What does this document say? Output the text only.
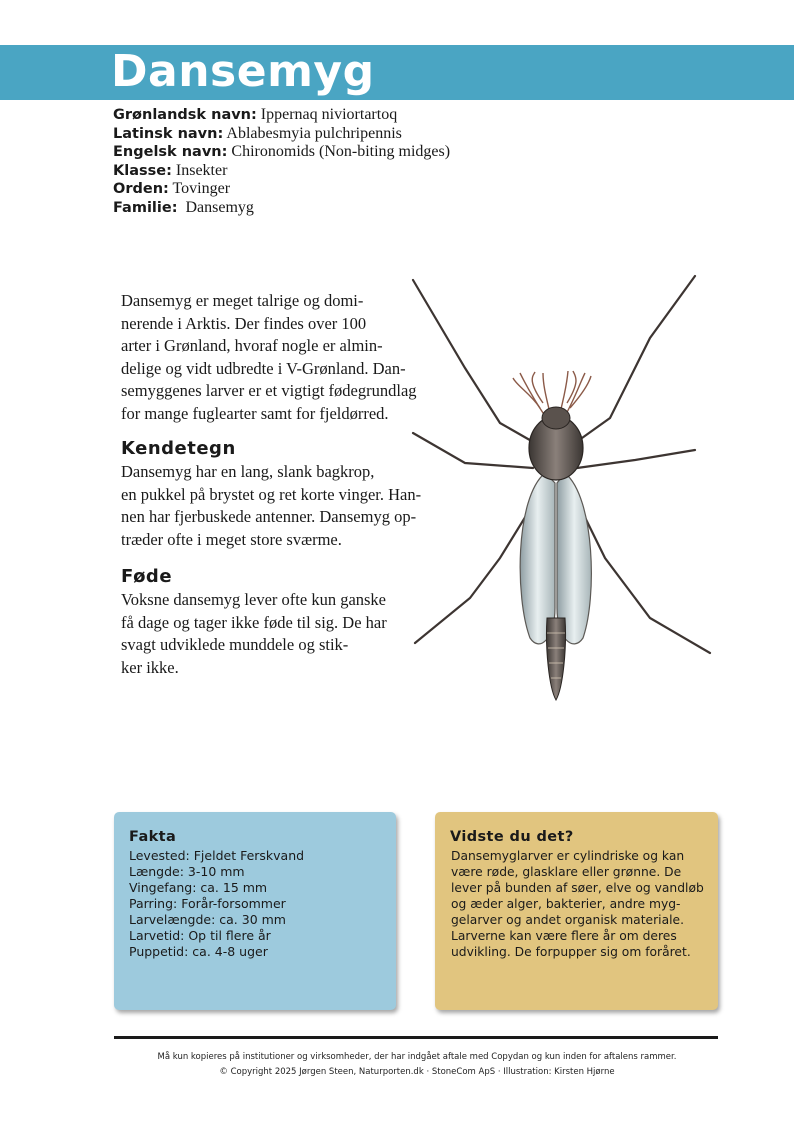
Dansemyg
Grønlandsk navn: Ippernaq niviortartoq
Latinsk navn: Ablabesmyia pulchripennis
Engelsk navn: Chironomids (Non-biting midges)
Klasse: Insekter
Orden: Tovinger
Familie:  Dansemyg
Dansemyg er meget talrige og domi-
nerende i Arktis. Der findes over 100
arter i Grønland, hvoraf nogle er almin-
delige og vidt udbredte i V-Grønland. Dan-
semyggenes larver er et vigtigt fødegrundlag
for mange fuglearter samt for fjeldørred.
Kendetegn
Dansemyg har en lang, slank bagkrop,
en pukkel på brystet og ret korte vinger. Han-
nen har fjerbuskede antenner. Dansemyg op-
træder ofte i meget store sværme.
Føde
Voksne dansemyg lever ofte kun ganske
få dage og tager ikke føde til sig. De har
svagt udviklede munddele og stik-
ker ikke.
Fakta
Levested: Fjeldet Ferskvand
Længde: 3-10 mm
Vingefang: ca. 15 mm
Parring: Forår-forsommer
Larvelængde: ca. 30 mm
Larvetid: Op til flere år
Puppetid: ca. 4-8 uger
Vidste du det?
Dansemyglarver er cylindriske og kan
være røde, glasklare eller grønne. De
lever på bunden af søer, elve og vandløb
og æder alger, bakterier, andre myg-
gelarver og andet organisk materiale.
Larverne kan være flere år om deres
udvikling. De forpupper sig om foråret.
Må kun kopieres på institutioner og virksomheder, der har indgået aftale med Copydan og kun inden for aftalens rammer.
© Copyright 2025 Jørgen Steen, Naturporten.dk · StoneCom ApS · Illustration: Kirsten Hjørne
